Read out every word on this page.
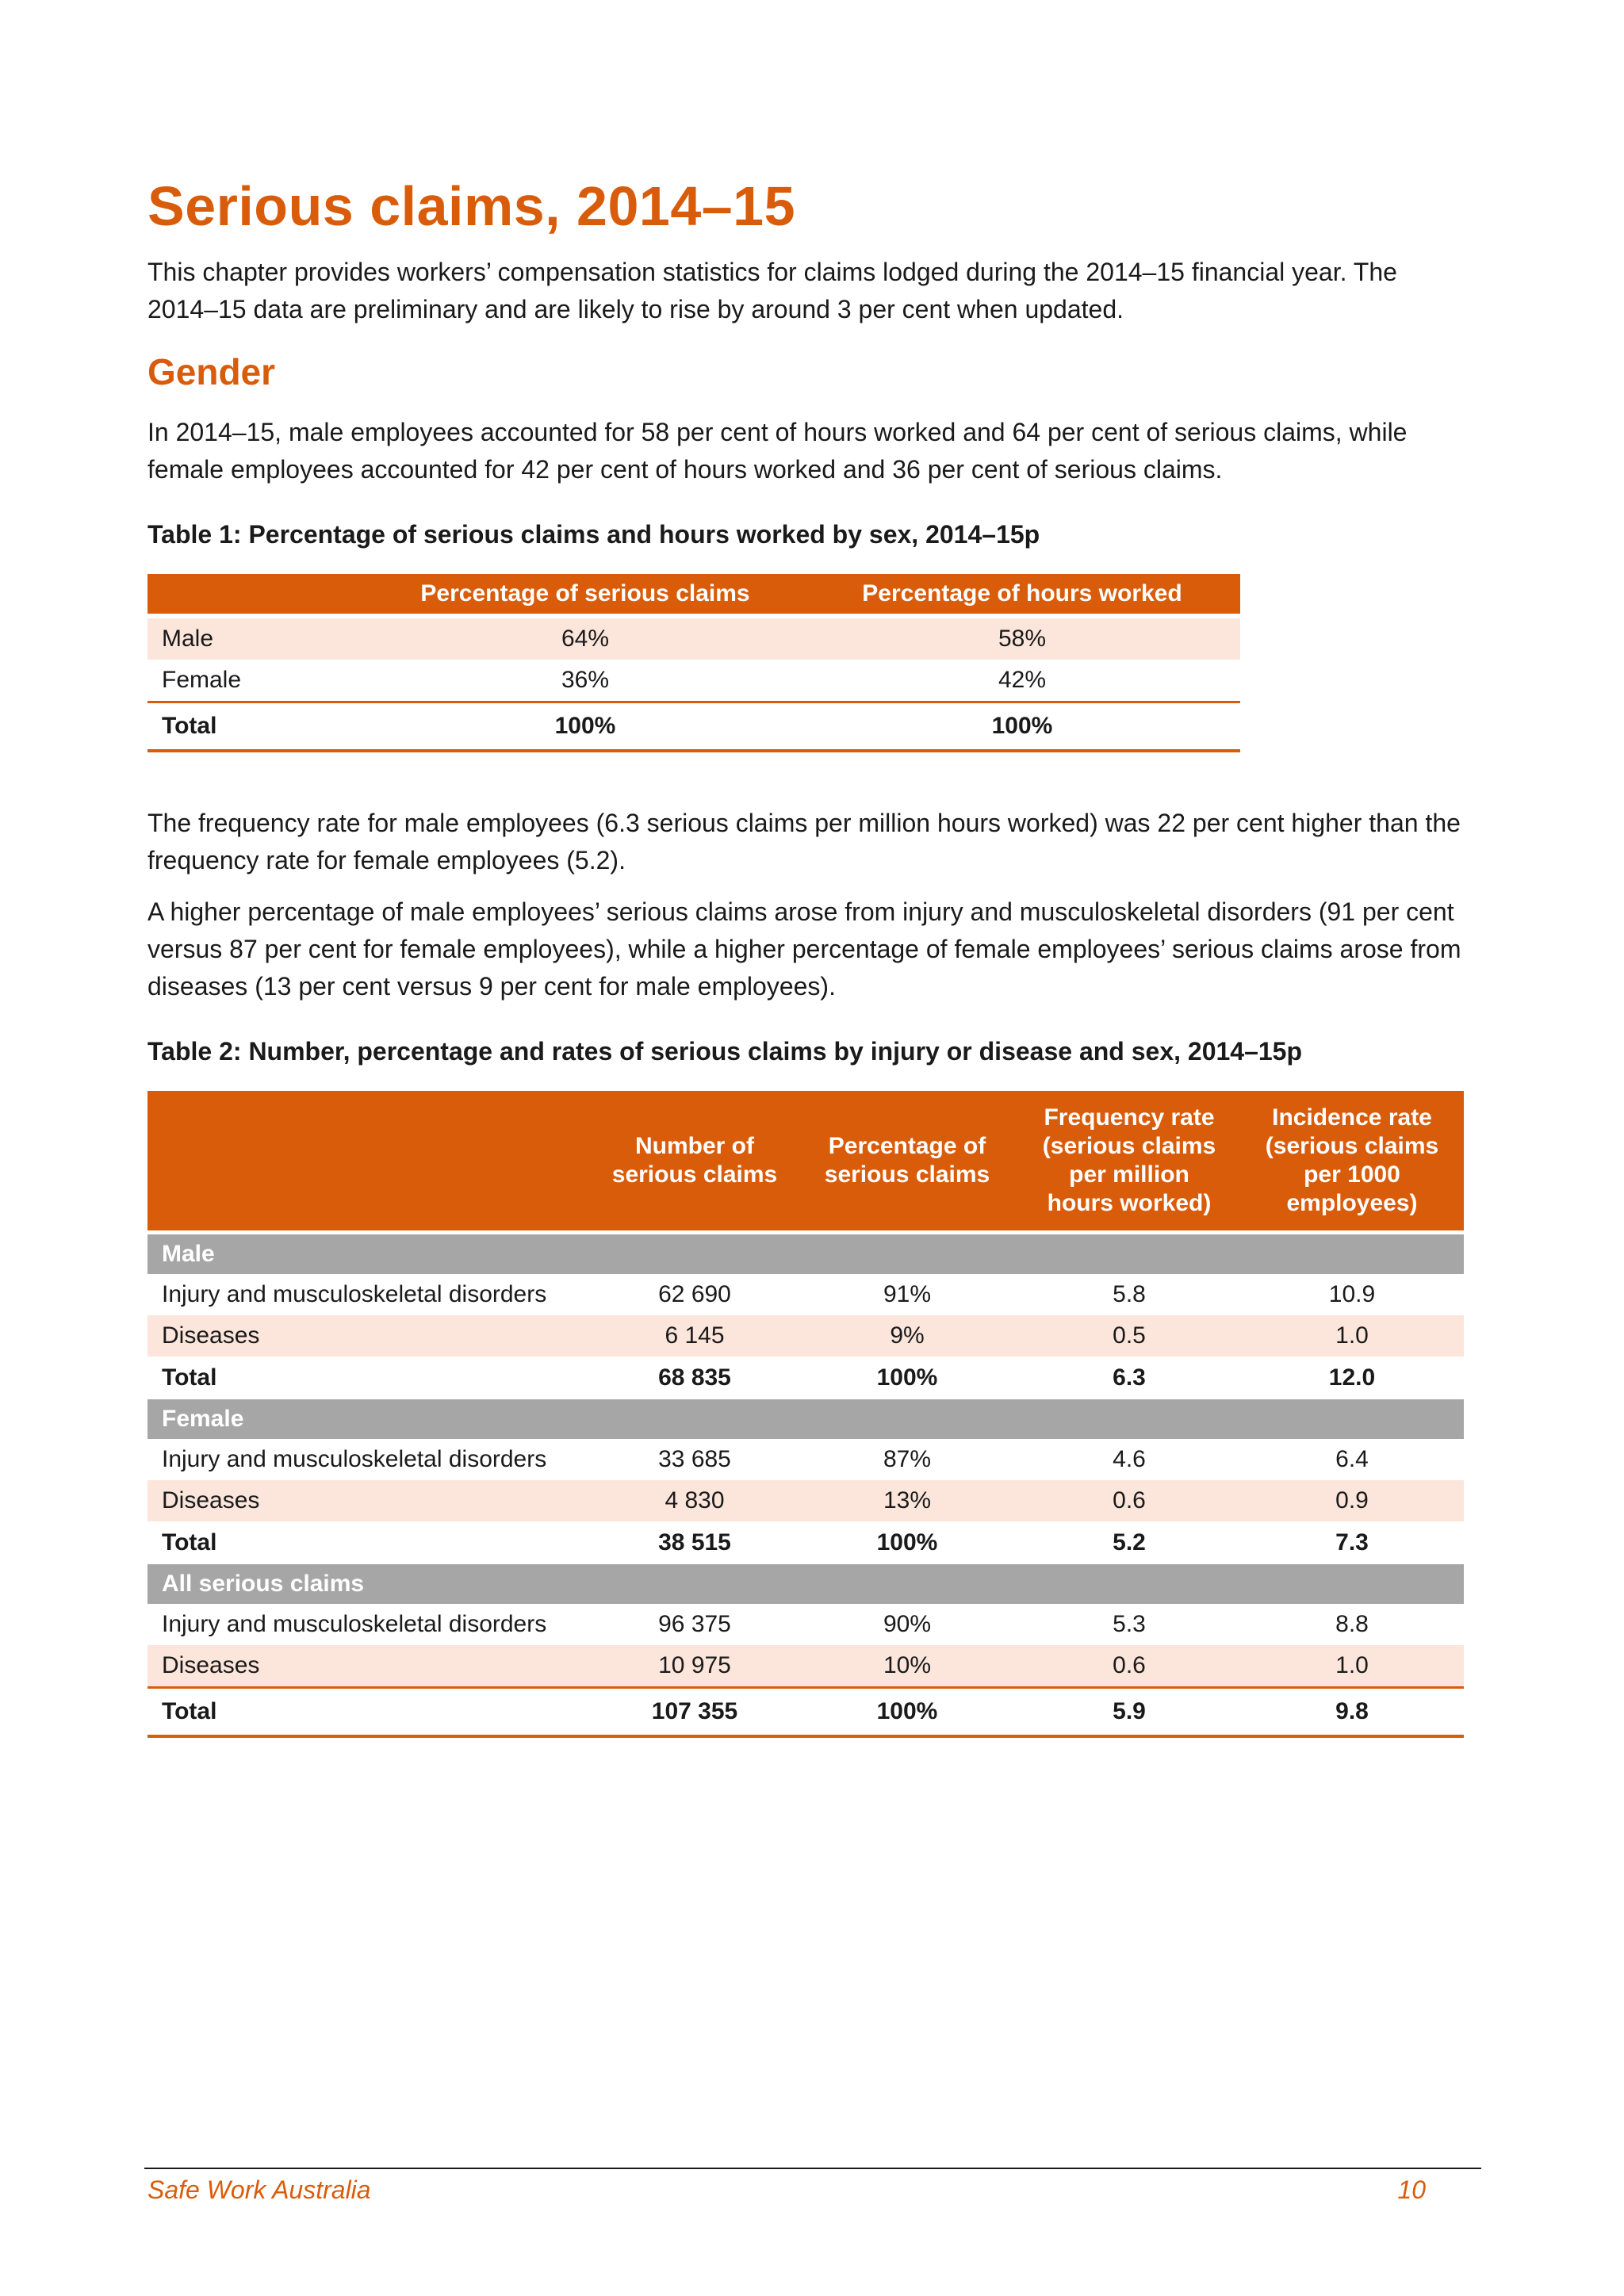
Serious claims, 2014–15

This chapter provides workers’ compensation statistics for claims lodged during the 2014–15 financial year. The 2014–15 data are preliminary and are likely to rise by around 3 per cent when updated.

Gender

In 2014–15, male employees accounted for 58 per cent of hours worked and 64 per cent of serious claims, while female employees accounted for 42 per cent of hours worked and 36 per cent of serious claims.

Table 1: Percentage of serious claims and hours worked by sex, 2014–15p
	Percentage of serious claims	Percentage of hours worked
Male	64%	58%
Female	36%	42%
Total	100%	100%

The frequency rate for male employees (6.3 serious claims per million hours worked) was 22 per cent higher than the frequency rate for female employees (5.2).

A higher percentage of male employees’ serious claims arose from injury and musculoskeletal disorders (91 per cent versus 87 per cent for female employees), while a higher percentage of female employees’ serious claims arose from diseases (13 per cent versus 9 per cent for male employees).

Table 2: Number, percentage and rates of serious claims by injury or disease and sex, 2014–15p
	Number of serious claims	Percentage of serious claims	Frequency rate (serious claims per million hours worked)	Incidence rate (serious claims per 1000 employees)
Male				
Injury and musculoskeletal disorders	62 690	91%	5.8	10.9
Diseases	6 145	9%	0.5	1.0
Total	68 835	100%	6.3	12.0
Female				
Injury and musculoskeletal disorders	33 685	87%	4.6	6.4
Diseases	4 830	13%	0.6	0.9
Total	38 515	100%	5.2	7.3
All serious claims				
Injury and musculoskeletal disorders	96 375	90%	5.3	8.8
Diseases	10 975	10%	0.6	1.0
Total	107 355	100%	5.9	9.8
Safe Work Australia	10
